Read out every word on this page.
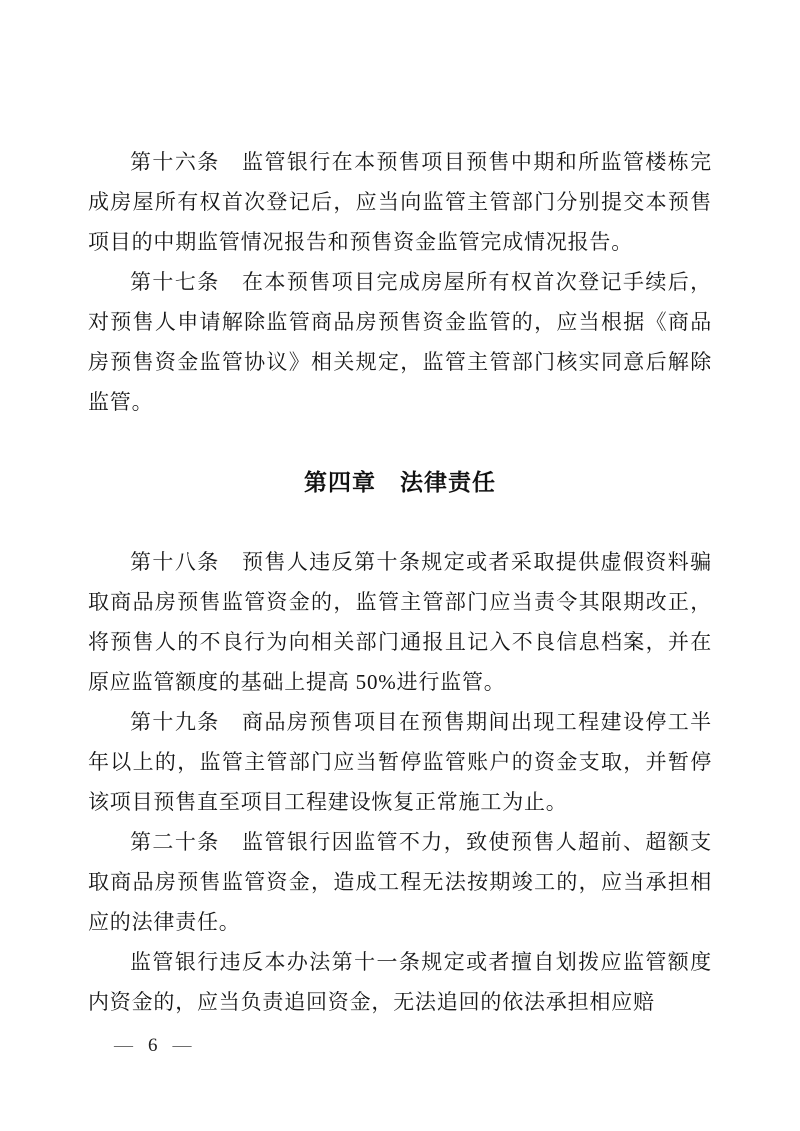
第十六条　监管银行在本预售项目预售中期和所监管楼栋完成房屋所有权首次登记后，应当向监管主管部门分别提交本预售项目的中期监管情况报告和预售资金监管完成情况报告。

第十七条　在本预售项目完成房屋所有权首次登记手续后，对预售人申请解除监管商品房预售资金监管的，应当根据《商品房预售资金监管协议》相关规定，监管主管部门核实同意后解除监管。

第四章　法律责任

第十八条　预售人违反第十条规定或者采取提供虚假资料骗取商品房预售监管资金的，监管主管部门应当责令其限期改正，将预售人的不良行为向相关部门通报且记入不良信息档案，并在原应监管额度的基础上提高 50%进行监管。

第十九条　商品房预售项目在预售期间出现工程建设停工半年以上的，监管主管部门应当暂停监管账户的资金支取，并暂停该项目预售直至项目工程建设恢复正常施工为止。

第二十条　监管银行因监管不力，致使预售人超前、超额支取商品房预售监管资金，造成工程无法按期竣工的，应当承担相应的法律责任。

监管银行违反本办法第十一条规定或者擅自划拨应监管额度内资金的，应当负责追回资金，无法追回的依法承担相应赔

— 6 —
